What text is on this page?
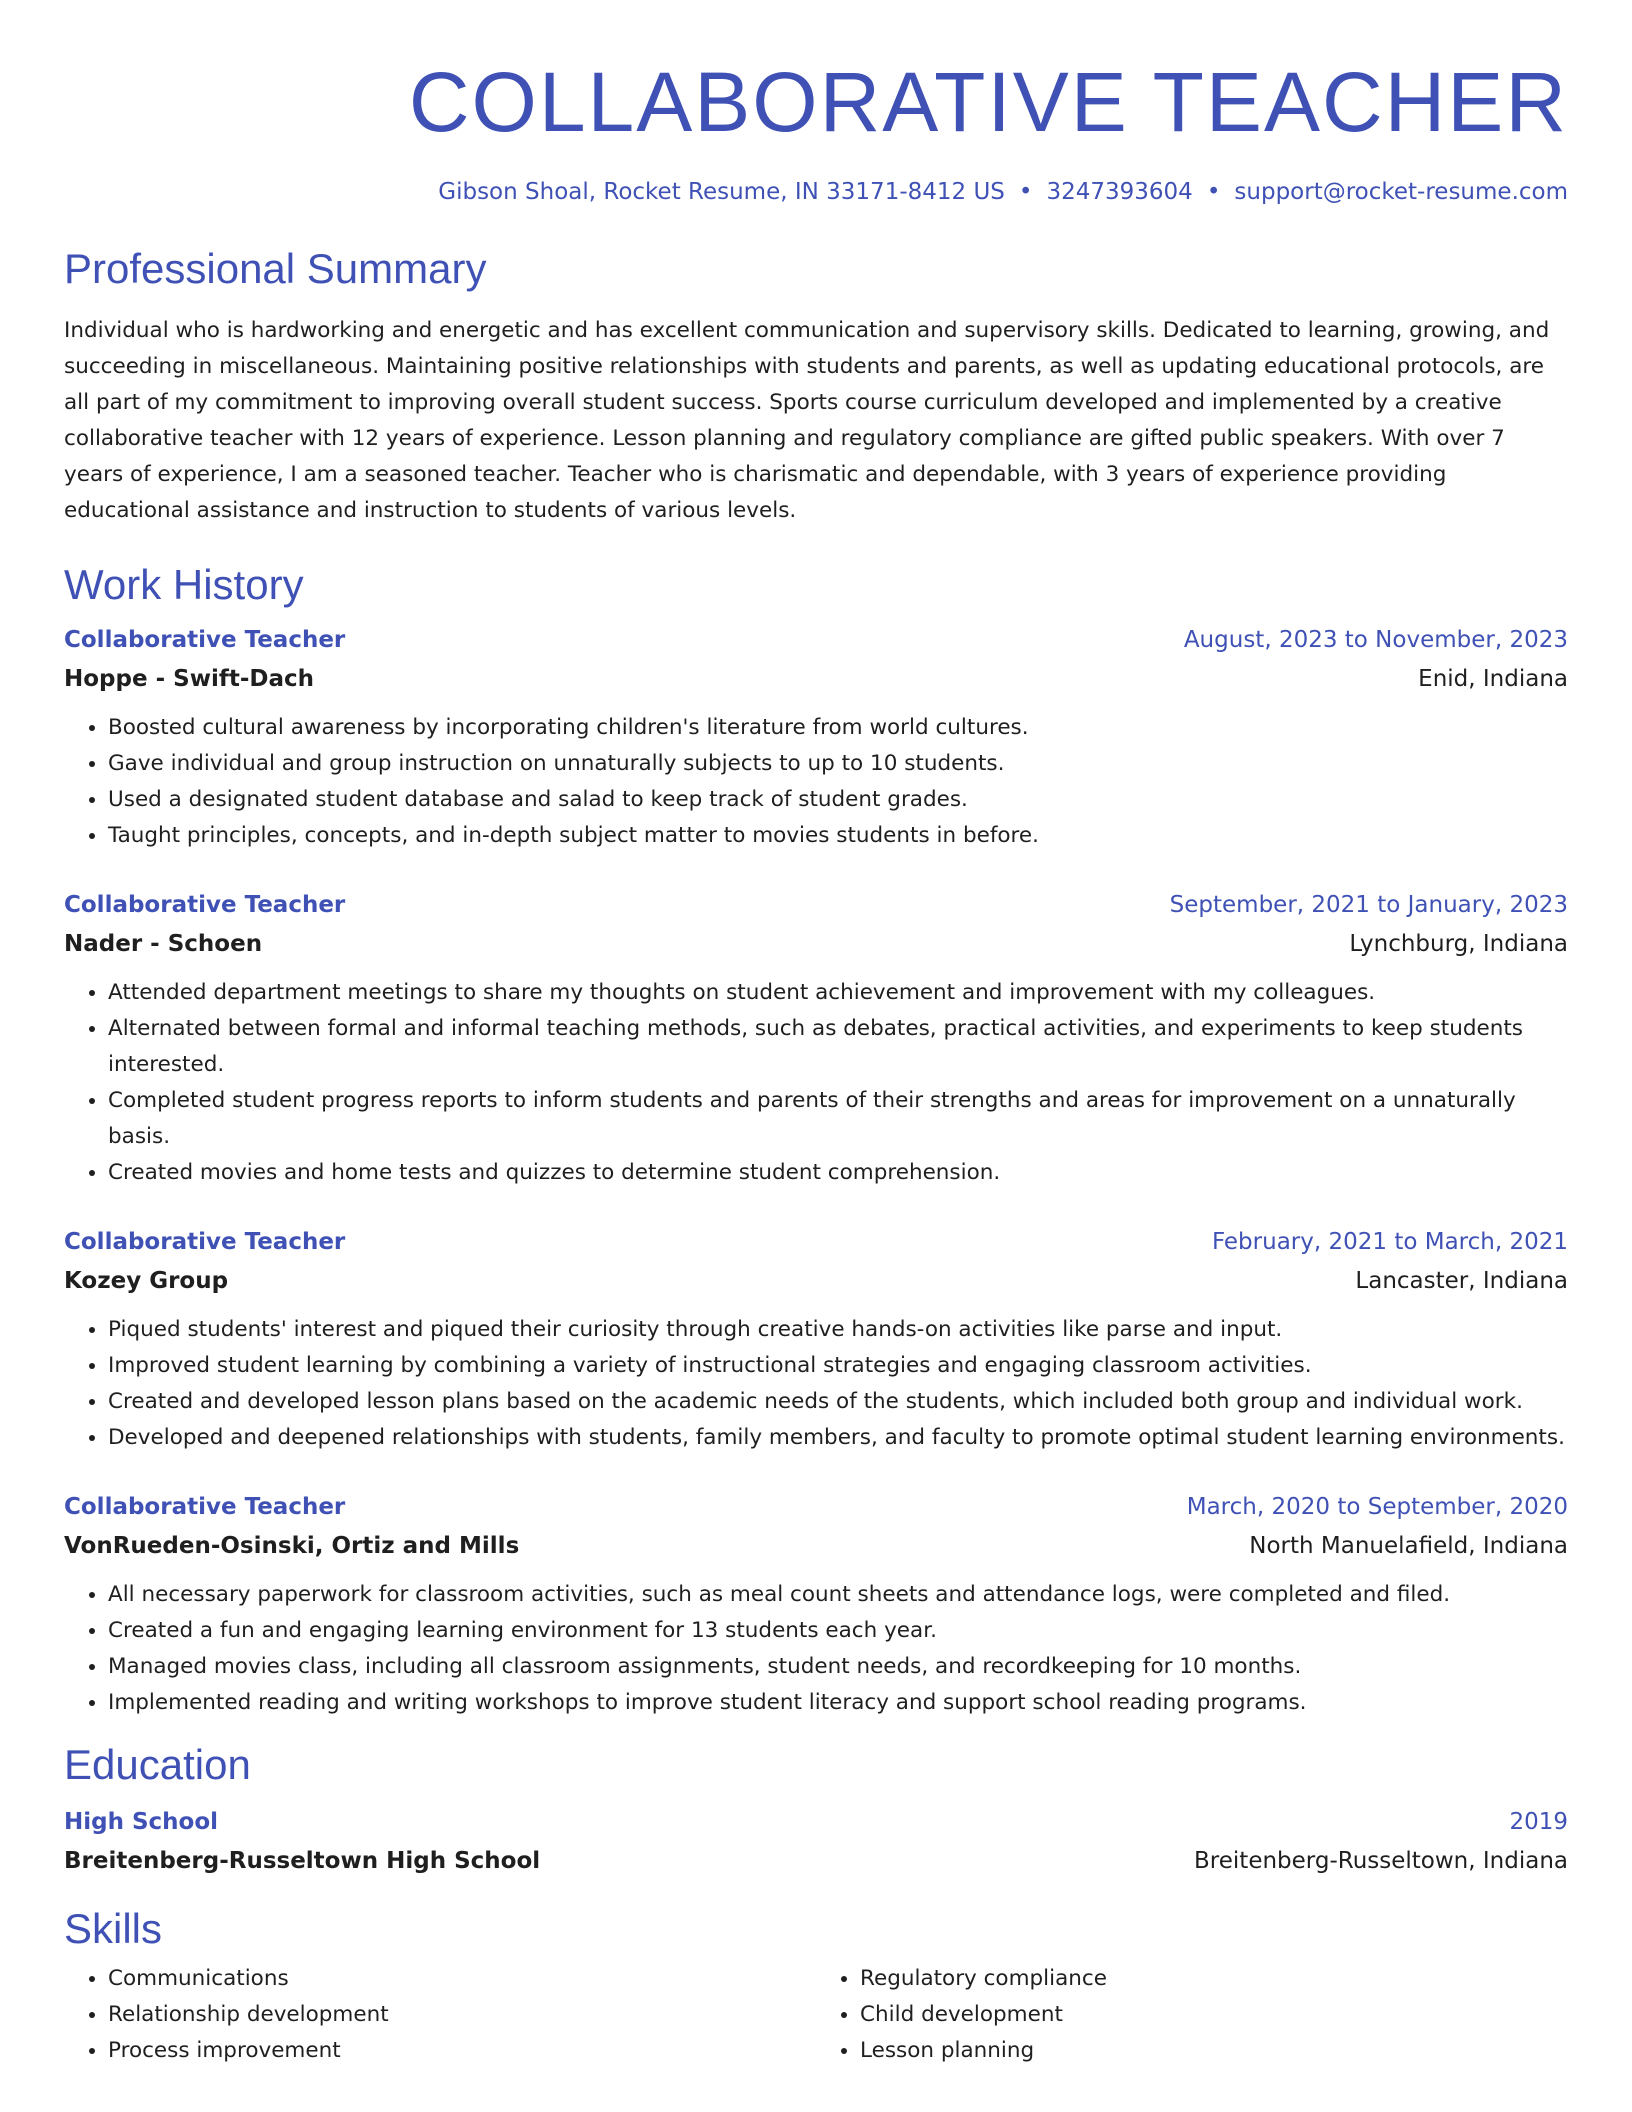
COLLABORATIVE TEACHER
Gibson Shoal, Rocket Resume, IN 33171-8412 US • 3247393604 • support@rocket-resume.com
Professional Summary

Individual who is hardworking and energetic and has excellent communication and supervisory skills. Dedicated to learning, growing, and succeeding in miscellaneous. Maintaining positive relationships with students and parents, as well as updating educational protocols, are all part of my commitment to improving overall student success. Sports course curriculum developed and implemented by a creative collaborative teacher with 12 years of experience. Lesson planning and regulatory compliance are gifted public speakers. With over 7 years of experience, I am a seasoned teacher. Teacher who is charismatic and dependable, with 3 years of experience providing educational assistance and instruction to students of various levels.

Work History
Collaborative Teacher	August, 2023 to November, 2023
Hoppe - Swift-Dach	Enid, Indiana
• Boosted cultural awareness by incorporating children's literature from world cultures.
• Gave individual and group instruction on unnaturally subjects to up to 10 students.
• Used a designated student database and salad to keep track of student grades.
• Taught principles, concepts, and in-depth subject matter to movies students in before.
Collaborative Teacher	September, 2021 to January, 2023
Nader - Schoen	Lynchburg, Indiana
• Attended department meetings to share my thoughts on student achievement and improvement with my colleagues.
• Alternated between formal and informal teaching methods, such as debates, practical activities, and experiments to keep students interested.
• Completed student progress reports to inform students and parents of their strengths and areas for improvement on a unnaturally basis.
• Created movies and home tests and quizzes to determine student comprehension.
Collaborative Teacher	February, 2021 to March, 2021
Kozey Group	Lancaster, Indiana
• Piqued students' interest and piqued their curiosity through creative hands-on activities like parse and input.
• Improved student learning by combining a variety of instructional strategies and engaging classroom activities.
• Created and developed lesson plans based on the academic needs of the students, which included both group and individual work.
• Developed and deepened relationships with students, family members, and faculty to promote optimal student learning environments.
Collaborative Teacher	March, 2020 to September, 2020
VonRueden-Osinski, Ortiz and Mills	North Manuelafield, Indiana
• All necessary paperwork for classroom activities, such as meal count sheets and attendance logs, were completed and filed.
• Created a fun and engaging learning environment for 13 students each year.
• Managed movies class, including all classroom assignments, student needs, and recordkeeping for 10 months.
• Implemented reading and writing workshops to improve student literacy and support school reading programs.
Education
High School	2019
Breitenberg-Russeltown High School	Breitenberg-Russeltown, Indiana
Skills
• Communications
• Relationship development
• Process improvement
• Regulatory compliance
• Child development
• Lesson planning
